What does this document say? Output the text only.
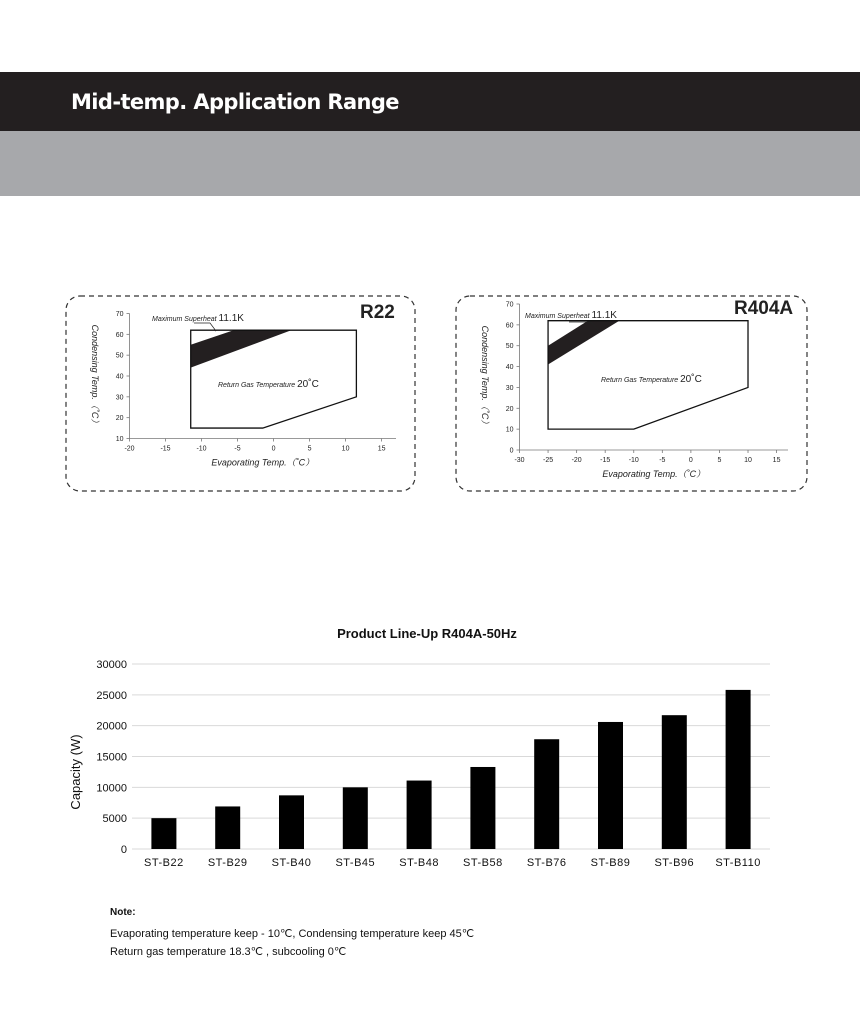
Mid-temp. Application Range
R22
-20	-15	-10	-5	0	5	10	15
10
20
30
40
50
60
70
Evaporating Temp.（˚C）
Condensing Temp.（˚C）
Maximum Superheat 11.1K
Return Gas Temperature 20˚C
R404A
-30	-25	-20	-15	-10	-5	0	5	10	15
0
10
20
30
40
50
60
70
Evaporating Temp.（˚C）
Condensing Temp.（˚C）
Maximum Superheat 11.1K
Return Gas Temperature 20˚C
Product Line-Up R404A-50Hz
Capacity (W)
0
5000
10000
15000
20000
25000
30000
ST-B22 ST-B29 ST-B40 ST-B45 ST-B48 ST-B58 ST-B76 ST-B89 ST-B96 ST-B110
Note:
Evaporating temperature keep - 10℃, Condensing temperature keep 45℃
Return gas temperature 18.3℃ , subcooling 0℃
